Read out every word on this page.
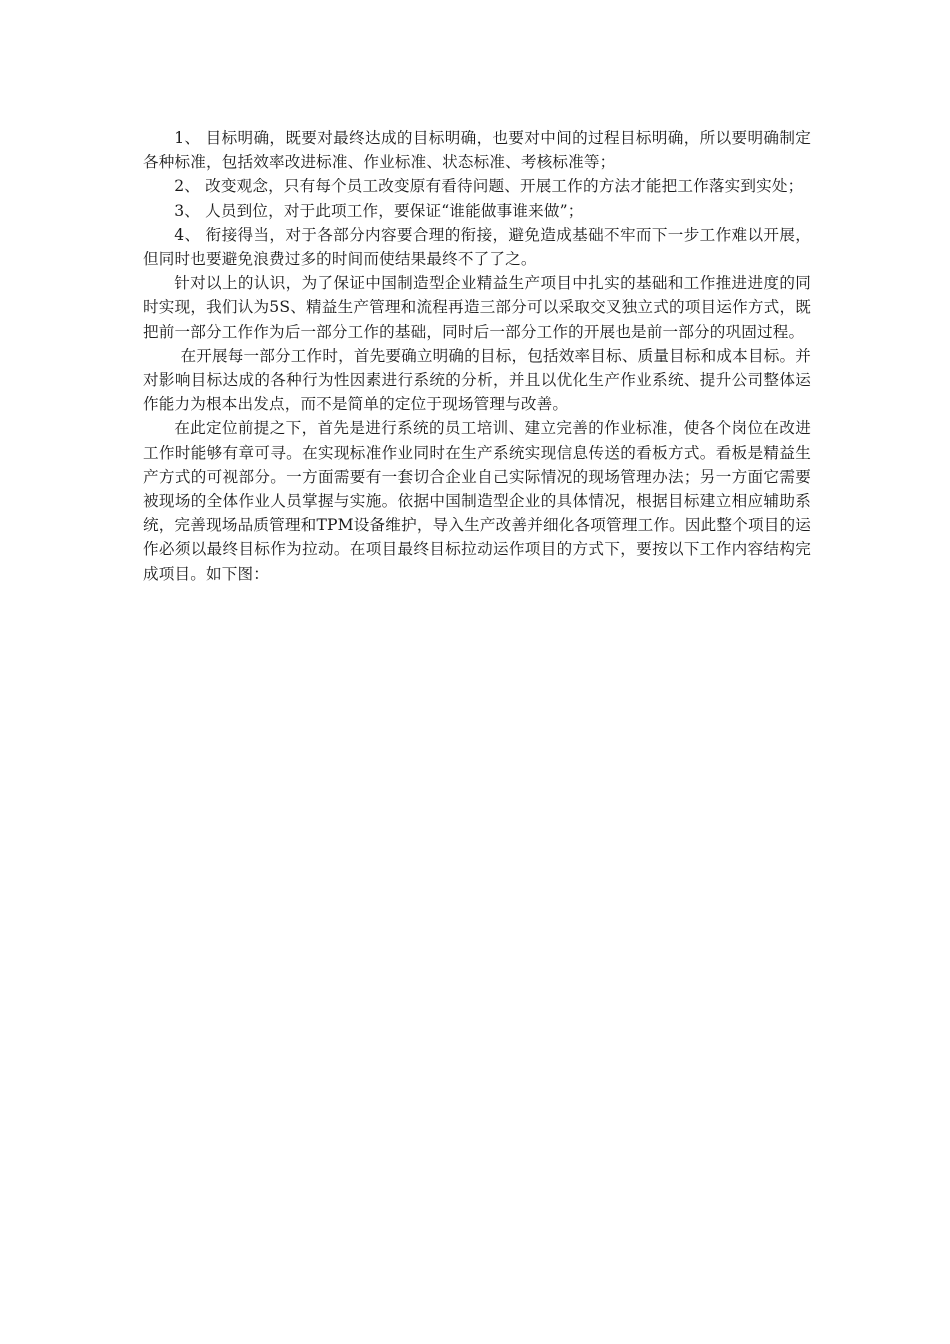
1、 目标明确，既要对最终达成的目标明确，也要对中间的过程目标明确，所以要明确制定各种标准，包括效率改进标准、作业标准、状态标准、考核标准等；

2、 改变观念，只有每个员工改变原有看待问题、开展工作的方法才能把工作落实到实处；

3、 人员到位，对于此项工作，要保证“谁能做事谁来做”；

4、 衔接得当，对于各部分内容要合理的衔接，避免造成基础不牢而下一步工作难以开展，但同时也要避免浪费过多的时间而使结果最终不了了之。

针对以上的认识，为了保证中国制造型企业精益生产项目中扎实的基础和工作推进进度的同时实现，我们认为5S、精益生产管理和流程再造三部分可以采取交叉独立式的项目运作方式，既把前一部分工作作为后一部分工作的基础，同时后一部分工作的开展也是前一部分的巩固过程。

在开展每一部分工作时，首先要确立明确的目标，包括效率目标、质量目标和成本目标。并对影响目标达成的各种行为性因素进行系统的分析，并且以优化生产作业系统、提升公司整体运作能力为根本出发点，而不是简单的定位于现场管理与改善。

在此定位前提之下，首先是进行系统的员工培训、建立完善的作业标准，使各个岗位在改进工作时能够有章可寻。在实现标准作业同时在生产系统实现信息传送的看板方式。看板是精益生产方式的可视部分。一方面需要有一套切合企业自己实际情况的现场管理办法；另一方面它需要被现场的全体作业人员掌握与实施。依据中国制造型企业的具体情况，根据目标建立相应辅助系统，完善现场品质管理和TPM设备维护，导入生产改善并细化各项管理工作。因此整个项目的运作必须以最终目标作为拉动。在项目最终目标拉动运作项目的方式下，要按以下工作内容结构完成项目。如下图：
